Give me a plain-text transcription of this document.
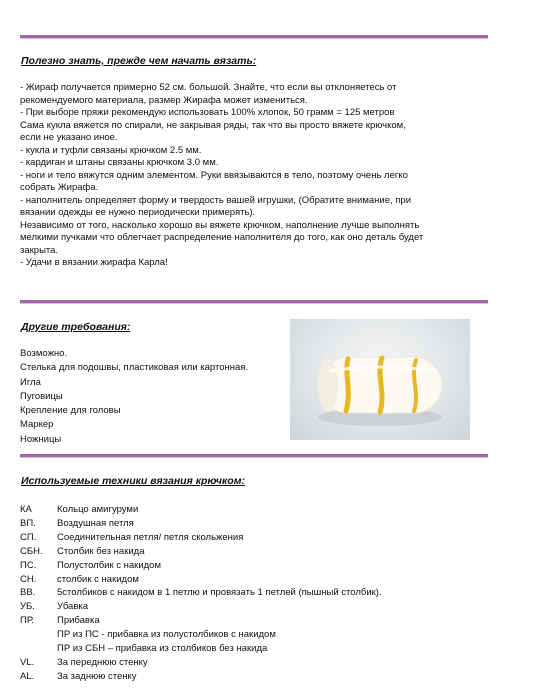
Полезно знать, прежде чем начать вязать:
- Жираф получается примерно 52 см. большой. Знайте, что если вы отклоняетесь от
рекомендуемого материала, размер Жирафа может измениться.
- При выборе пряжи рекомендую использовать 100% хлопок, 50 грамм = 125 метров
Сама кукла вяжется по спирали, не закрывая ряды, так что вы просто вяжете крючком,
если не указано иное.
- кукла и туфли связаны крючком 2.5 мм.
- кардиган и штаны связаны крючком 3.0 мм.
- ноги и тело вяжутся одним элементом. Руки ввязываются в тело, поэтому очень легко
собрать Жирафа.
- наполнитель определяет форму и твердость вашей игрушки, (Обратите внимание, при
вязании одежды ее нужно периодически примерять).
Независимо от того, насколько хорошо вы вяжете крючком, наполнение лучше выполнять
мелкими пучками что облегчает распределение наполнителя до того, как оно деталь будет
закрыта.
- Удачи в вязании жирафа Карла!
Другие требования:
Возможно.
Стелька для подошвы, пластиковая или картонная.
Игла
Пуговицы
Крепление для головы
Маркер
Ножницы
Используемые техники вязания крючком:
КА	Кольцо амигуруми
ВП. Воздушная петля
СП. Соединительная петля/ петля скольжения
СБН. Столбик без накида
ПС. Полустолбик с накидом
СН. столбик с накидом
ВВ. 5столбиков с накидом в 1 петлю и провязать 1 петлей (пышный столбик).
УБ. Убавка
ПР. Прибавка
ПР из ПС - прибавка из полустолбиков с накидом
ПР из СБН – прибавка из столбиков без накида
VL. За переднюю стенку
AL. За заднюю стенку
